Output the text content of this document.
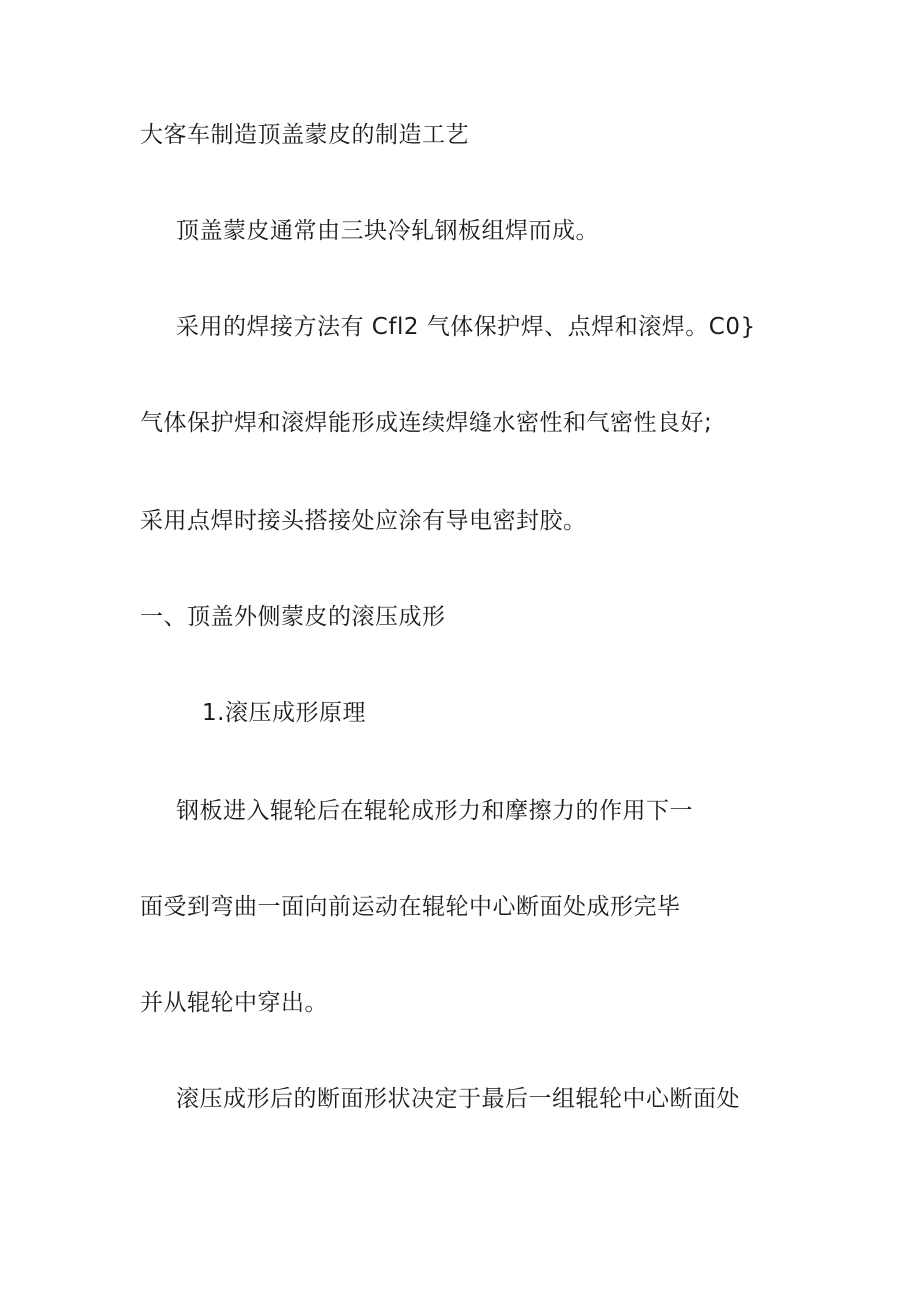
大客车制造顶盖蒙皮的制造工艺
顶盖蒙皮通常由三块冷轧钢板组焊而成。
采用的焊接方法有 Cfl2 气体保护焊、点焊和滚焊。C0}
气体保护焊和滚焊能形成连续焊缝水密性和气密性良好;
采用点焊时接头搭接处应涂有导电密封胶。
一、顶盖外侧蒙皮的滚压成形
1.滚压成形原理
钢板进入辊轮后在辊轮成形力和摩擦力的作用下一
面受到弯曲一面向前运动在辊轮中心断面处成形完毕
并从辊轮中穿出。
滚压成形后的断面形状决定于最后一组辊轮中心断面处
